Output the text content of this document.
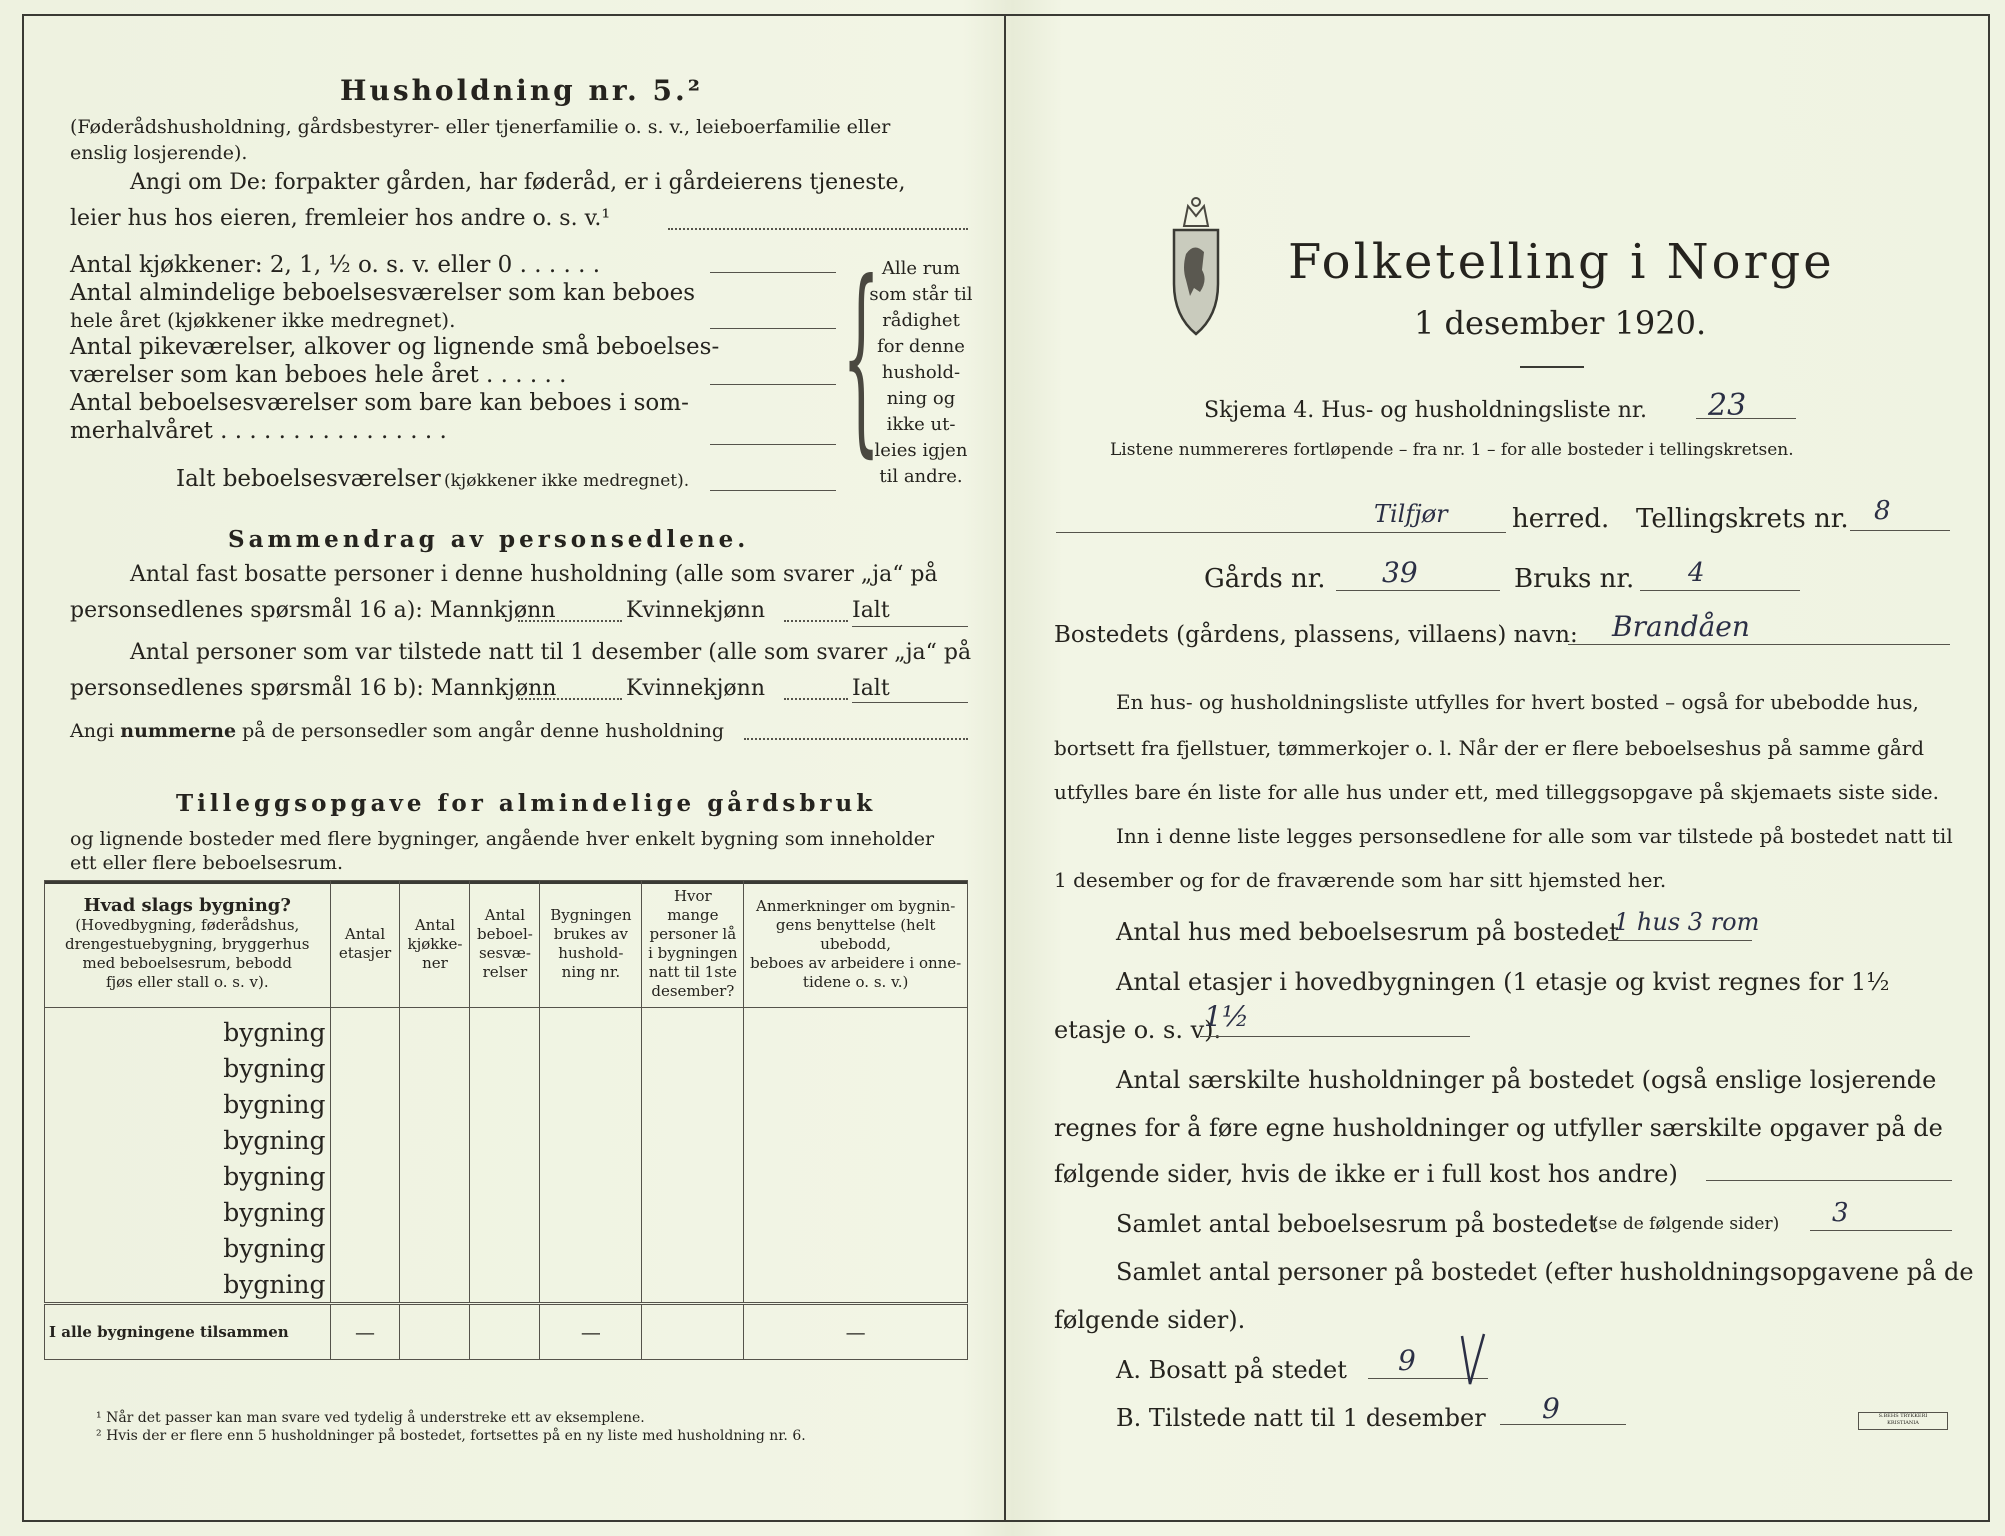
Husholdning nr. 5.²
(Føderådshusholdning, gårdsbestyrer- eller tjenerfamilie o. s. v., leieboerfamilie eller
enslig losjerende).
Angi om De: forpakter gården, har føderåd, er i gårdeierens tjeneste,
leier hus hos eieren, fremleier hos andre o. s. v.¹
Antal kjøkkener: 2, 1, ½ o. s. v. eller 0 . . . . . .
Antal almindelige beboelsesværelser som kan beboes
hele året (kjøkkener ikke medregnet).
Antal pikeværelser, alkover og lignende små beboelses-
værelser som kan beboes hele året . . . . . .
Antal beboelsesværelser som bare kan beboes i som-
merhalvåret . . . . . . . . . . . . . . . .
Ialt beboelsesværelser (kjøkkener ikke medregnet).
{ Alle rum
som står til
rådighet
for denne
hushold-
ning og
ikke ut-
leies igjen
til andre.
Sammendrag av personsedlene.
Antal fast bosatte personer i denne husholdning (alle som svarer „ja“ på
personsedlenes spørsmål 16 a): Mannkjønn	Kvinnekjønn	Ialt
Antal personer som var tilstede natt til 1 desember (alle som svarer „ja“ på
personsedlenes spørsmål 16 b): Mannkjønn	Kvinnekjønn	Ialt
Angi nummerne på de personsedler som angår denne husholdning
Tilleggsopgave for almindelige gårdsbruk
og lignende bosteder med flere bygninger, angående hver enkelt bygning som inneholder
ett eller flere beboelsesrum.
Hvad slags bygning?
(Hovedbygning, føderådshus,
drengestuebygning, bryggerhus
med beboelsesrum, bebodd
fjøs eller stall o. s. v).	Antal
etasjer	Antal
kjøkke-
ner	Antal
beboel-
sesvæ-
relser	Bygningen
brukes av
hushold-
ning nr.	Hvor mange
personer lå
i bygningen
natt til 1ste
desember?	Anmerkninger om bygnin-
gens benyttelse (helt ubebodd,
beboes av arbeidere i onne-
tidene o. s. v.)
bygning						
bygning						
bygning						
bygning						
bygning						
bygning						
bygning						
bygning						
I alle bygningene tilsammen	—			—		—
¹ Når det passer kan man svare ved tydelig å understreke ett av eksemplene.
² Hvis der er flere enn 5 husholdninger på bostedet, fortsettes på en ny liste med husholdning nr. 6.
Folketelling i Norge
1 desember 1920.
Skjema 4. Hus- og husholdningsliste nr. 23
Listene nummereres fortløpende – fra nr. 1 – for alle bosteder i tellingskretsen.
Tilfjør herred. Tellingskrets nr. 8
Gårds nr. 39	Bruks nr. 4
Bostedets (gårdens, plassens, villaens) navn: Brandåen
En hus- og husholdningsliste utfylles for hvert bosted – også for ubebodde hus,
bortsett fra fjellstuer, tømmerkojer o. l. Når der er flere beboelseshus på samme gård
utfylles bare én liste for alle hus under ett, med tilleggsopgave på skjemaets siste side.
Inn i denne liste legges personsedlene for alle som var tilstede på bostedet natt til
1 desember og for de fraværende som har sitt hjemsted her.
Antal hus med beboelsesrum på bostedet
1 hus 3 rom
Antal etasjer i hovedbygningen (1 etasje og kvist regnes for 1½
etasje o. s. v).
1½
Antal særskilte husholdninger på bostedet (også enslige losjerende
regnes for å føre egne husholdninger og utfyller særskilte opgaver på de
følgende sider, hvis de ikke er i full kost hos andre)
Samlet antal beboelsesrum på bostedet
(se de følgende sider) 3
Samlet antal personer på bostedet (efter husholdningsopgavene på de
følgende sider).
A. Bosatt på stedet 9
B. Tilstede natt til 1 desember 9	S.BEHS TRYKKERI
KRISTIANIA
